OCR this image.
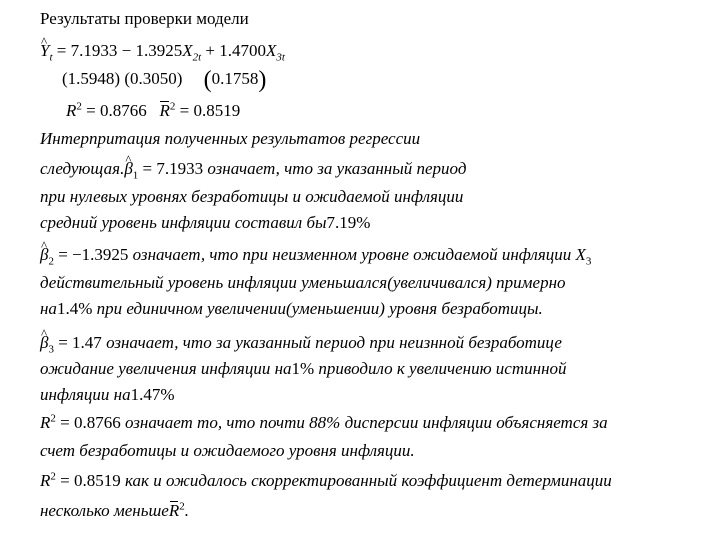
Результаты проверки модели
^ $Y_t = 7.1933 - 1.3925X_{2t} + 1.4700X_{3t}$
(1.5948) (0.3050) (0.1758)
$R^2 = 0.8766$ $R^2 = 0.8519$
Интерпритация полученных результатов регрессии
следующая.^ $\beta_1 = 7.1933$ означает, что за указанный период
при нулевых уровнях безработицы и ожидаемой инфляции
средний уровень инфляции составил бы7.19%
^ $\beta_2 = -1.3925$ означает, что при неизменном уровне ожидаемой инфляции $X_3$
действительный уровень инфляции уменьшался(увеличивался) примерно
на1.4% при единичном увеличении(уменьшении) уровня безработицы.
^ $\beta_3 = 1.47$ означает, что за указанный период при неизнной безработице
ожидание увеличения инфляции на1% приводило к увеличению истинной
инфляции на1.47%
$R^2 = 0.8766$ означает то, что почти 88% дисперсии инфляции объясняется за
счет безработицы и ожидаемого уровня инфляции.
$R^2 = 0.8519$ как и ожидалось скорректированный коэффициент детерминации
несколько меньшеR$^2$.
